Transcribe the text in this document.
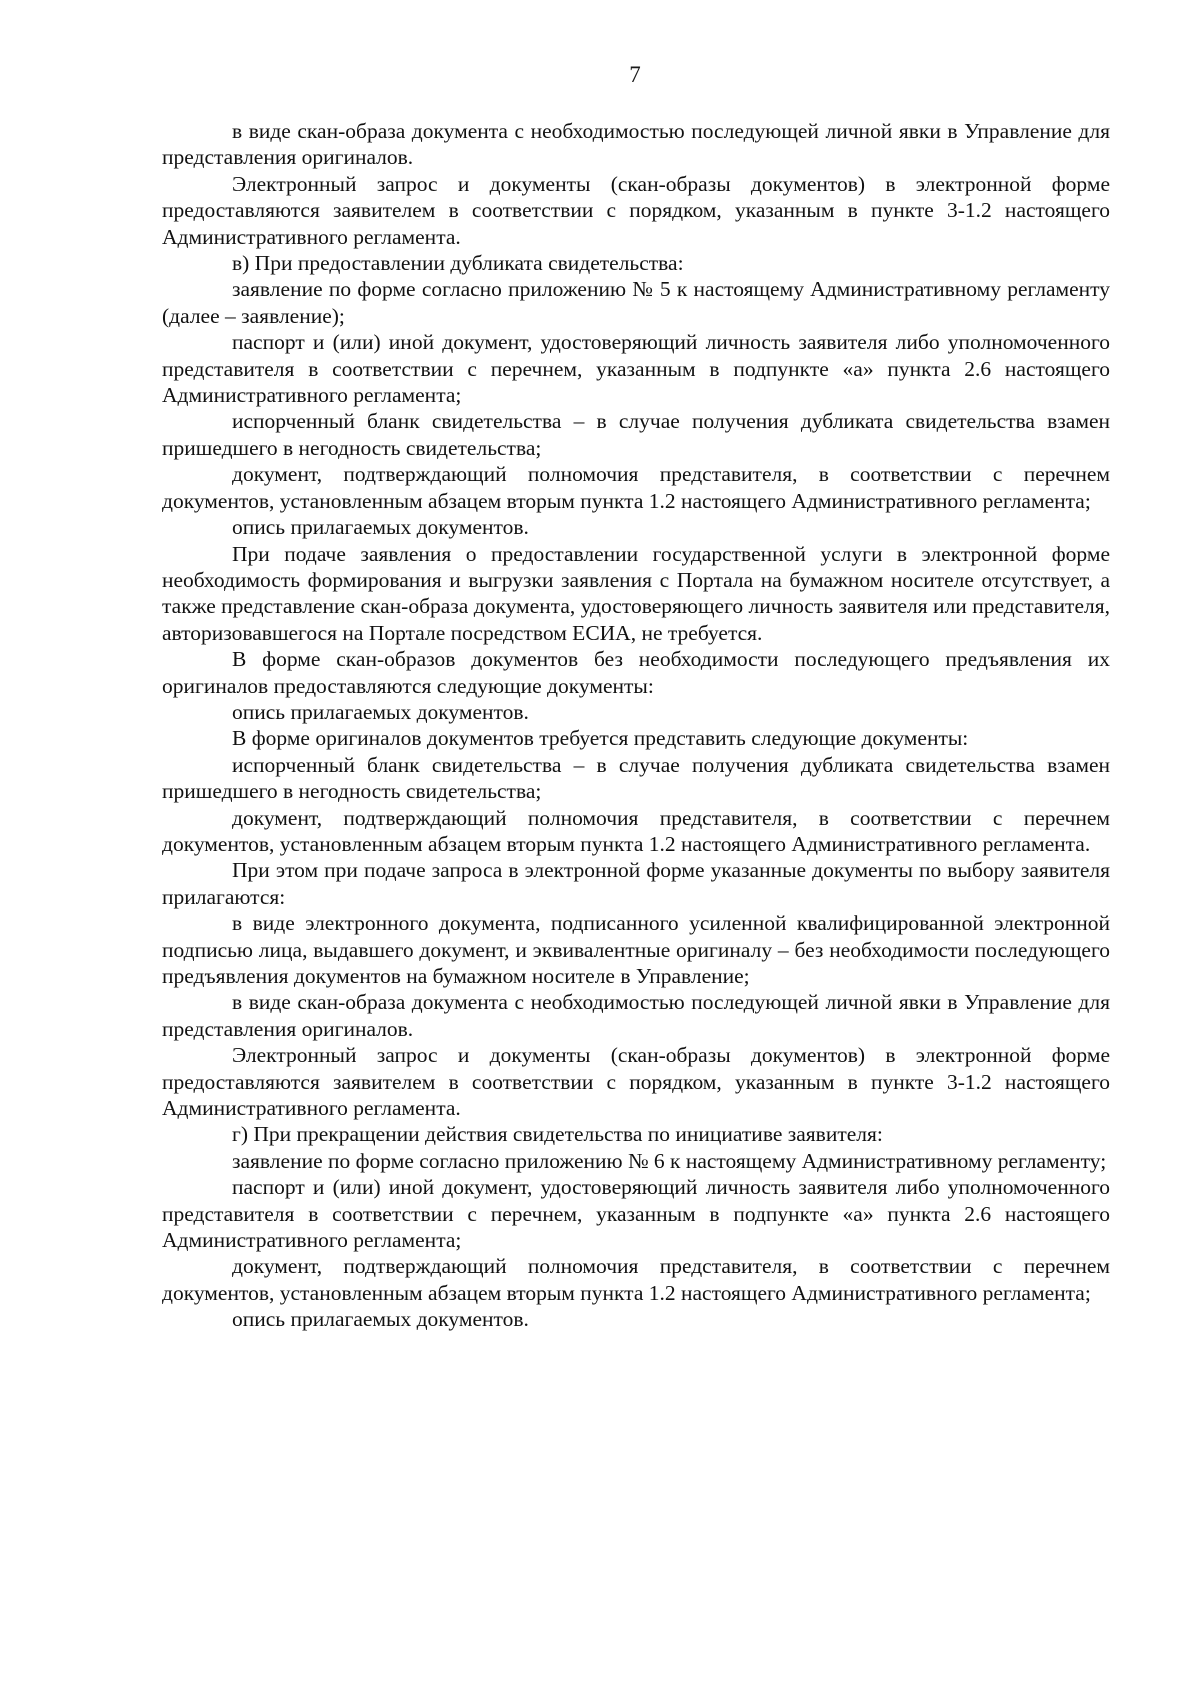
7

в виде скан-образа документа с необходимостью последующей личной явки в Управление для представления оригиналов.

Электронный запрос и документы (скан-образы документов) в электронной форме предоставляются заявителем в соответствии с порядком, указанным в пункте 3-1.2 настоящего Административного регламента.

в) При предоставлении дубликата свидетельства:

заявление по форме согласно приложению № 5 к настоящему Административному регламенту (далее – заявление);

паспорт и (или) иной документ, удостоверяющий личность заявителя либо уполномоченного представителя в соответствии с перечнем, указанным в подпункте «а» пункта 2.6 настоящего Административного регламента;

испорченный бланк свидетельства – в случае получения дубликата свидетельства взамен пришедшего в негодность свидетельства;

документ, подтверждающий полномочия представителя, в соответствии с перечнем документов, установленным абзацем вторым пункта 1.2 настоящего Административного регламента;

опись прилагаемых документов.

При подаче заявления о предоставлении государственной услуги в электронной форме необходимость формирования и выгрузки заявления с Портала на бумажном носителе отсутствует, а также представление скан-образа документа, удостоверяющего личность заявителя или представителя, авторизовавшегося на Портале посредством ЕСИА, не требуется.

В форме скан-образов документов без необходимости последующего предъявления их оригиналов предоставляются следующие документы:

опись прилагаемых документов.

В форме оригиналов документов требуется представить следующие документы:

испорченный бланк свидетельства – в случае получения дубликата свидетельства взамен пришедшего в негодность свидетельства;

документ, подтверждающий полномочия представителя, в соответствии с перечнем документов, установленным абзацем вторым пункта 1.2 настоящего Административного регламента.

При этом при подаче запроса в электронной форме указанные документы по выбору заявителя прилагаются:

в виде электронного документа, подписанного усиленной квалифицированной электронной подписью лица, выдавшего документ, и эквивалентные оригиналу – без необходимости последующего предъявления документов на бумажном носителе в Управление;

в виде скан-образа документа с необходимостью последующей личной явки в Управление для представления оригиналов.

Электронный запрос и документы (скан-образы документов) в электронной форме предоставляются заявителем в соответствии с порядком, указанным в пункте 3-1.2 настоящего Административного регламента.

г) При прекращении действия свидетельства по инициативе заявителя:

заявление по форме согласно приложению № 6 к настоящему Административному регламенту;

паспорт и (или) иной документ, удостоверяющий личность заявителя либо уполномоченного представителя в соответствии с перечнем, указанным в подпункте «а» пункта 2.6 настоящего Административного регламента;

документ, подтверждающий полномочия представителя, в соответствии с перечнем документов, установленным абзацем вторым пункта 1.2 настоящего Административного регламента;

опись прилагаемых документов.
